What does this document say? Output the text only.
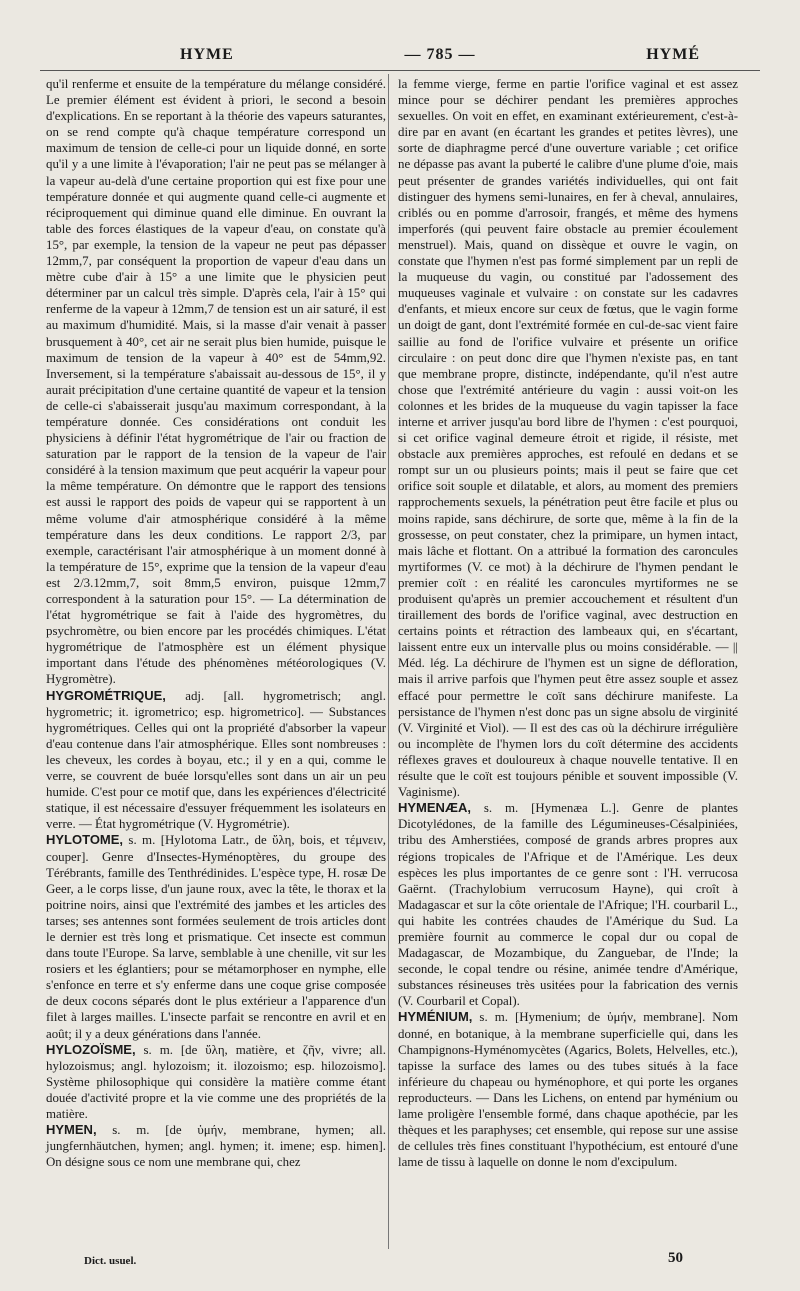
HYME	— 785 —	HYMÉ

qu'il renferme et ensuite de la température du mélange considéré. Le premier élément est évident à priori, le second a besoin d'explications. En se reportant à la théorie des vapeurs saturantes, on se rend compte qu'à chaque température correspond un maximum de tension de celle-ci pour un liquide donné, en sorte qu'il y a une limite à l'évaporation; l'air ne peut pas se mélanger à la vapeur au-delà d'une certaine proportion qui est fixe pour une température donnée et qui augmente quand celle-ci augmente et réciproquement qui diminue quand elle diminue. En ouvrant la table des forces élastiques de la vapeur d'eau, on constate qu'à 15°, par exemple, la tension de la vapeur ne peut pas dépasser 12mm,7, par conséquent la proportion de vapeur d'eau dans un mètre cube d'air à 15° a une limite que le physicien peut déterminer par un calcul très simple. D'après cela, l'air à 15° qui renferme de la vapeur à 12mm,7 de tension est un air saturé, il est au maximum d'humidité. Mais, si la masse d'air venait à passer brusquement à 40°, cet air ne serait plus bien humide, puisque le maximum de tension de la vapeur à 40° est de 54mm,92. Inversement, si la température s'abaissait au-dessous de 15°, il y aurait précipitation d'une certaine quantité de vapeur et la tension de celle-ci s'abaisserait jusqu'au maximum correspondant, à la température donnée. Ces considérations ont conduit les physiciens à définir l'état hygrométrique de l'air ou fraction de saturation par le rapport de la tension de la vapeur de l'air considéré à la tension maximum que peut acquérir la vapeur pour la même température. On démontre que le rapport des tensions est aussi le rapport des poids de vapeur qui se rapportent à un même volume d'air atmosphérique considéré à la même température dans les deux conditions. Le rapport 2/3, par exemple, caractérisant l'air atmosphérique à un moment donné à la température de 15°, exprime que la tension de la vapeur d'eau est 2/3.12mm,7, soit 8mm,5 environ, puisque 12mm,7 correspondent à la saturation pour 15°. — La détermination de l'état hygrométrique se fait à l'aide des hygromètres, du psychromètre, ou bien encore par les procédés chimiques. L'état hygrométrique de l'atmosphère est un élément physique important dans l'étude des phénomènes météorologiques (V. Hygromètre).

HYGROMÉTRIQUE, adj. [all. hygrometrisch; angl. hygrometric; it. igrometrico; esp. higrometrico]. — Substances hygrométriques. Celles qui ont la propriété d'absorber la vapeur d'eau contenue dans l'air atmosphérique. Elles sont nombreuses : les cheveux, les cordes à boyau, etc.; il y en a qui, comme le verre, se couvrent de buée lorsqu'elles sont dans un air un peu humide. C'est pour ce motif que, dans les expériences d'électricité statique, il est nécessaire d'essuyer fréquemment les isolateurs en verre. — État hygrométrique (V. Hygrométrie).

HYLOTOME, s. m. [Hylotoma Latr., de ὕλη, bois, et τέμνειν, couper]. Genre d'Insectes-Hyménoptères, du groupe des Térébrants, famille des Tenthrédinides. L'espèce type, H. rosæ De Geer, a le corps lisse, d'un jaune roux, avec la tête, le thorax et la poitrine noirs, ainsi que l'extrémité des jambes et les articles des tarses; ses antennes sont formées seulement de trois articles dont le dernier est très long et prismatique. Cet insecte est commun dans toute l'Europe. Sa larve, semblable à une chenille, vit sur les rosiers et les églantiers; pour se métamorphoser en nymphe, elle s'enfonce en terre et s'y enferme dans une coque grise composée de deux cocons séparés dont le plus extérieur a l'apparence d'un filet à larges mailles. L'insecte parfait se rencontre en avril et en août; il y a deux générations dans l'année.

HYLOZOÏSME, s. m. [de ὕλη, matière, et ζῆν, vivre; all. hylozoismus; angl. hylozoism; it. ilozoismo; esp. hilozoismo]. Système philosophique qui considère la matière comme étant douée d'activité propre et la vie comme une des propriétés de la matière.

HYMEN, s. m. [de ὑμήν, membrane, hymen; all. jungfernhäutchen, hymen; angl. hymen; it. imene; esp. himen]. On désigne sous ce nom une membrane qui, chez

la femme vierge, ferme en partie l'orifice vaginal et est assez mince pour se déchirer pendant les premières approches sexuelles. On voit en effet, en examinant extérieurement, c'est-à-dire par en avant (en écartant les grandes et petites lèvres), une sorte de diaphragme percé d'une ouverture variable ; cet orifice ne dépasse pas avant la puberté le calibre d'une plume d'oie, mais peut présenter de grandes variétés individuelles, qui ont fait distinguer des hymens semi-lunaires, en fer à cheval, annulaires, criblés ou en pomme d'arrosoir, frangés, et même des hymens imperforés (qui peuvent faire obstacle au premier écoulement menstruel). Mais, quand on dissèque et ouvre le vagin, on constate que l'hymen n'est pas formé simplement par un repli de la muqueuse du vagin, ou constitué par l'adossement des muqueuses vaginale et vulvaire : on constate sur les cadavres d'enfants, et mieux encore sur ceux de fœtus, que le vagin forme un doigt de gant, dont l'extrémité formée en cul-de-sac vient faire saillie au fond de l'orifice vulvaire et présente un orifice circulaire : on peut donc dire que l'hymen n'existe pas, en tant que membrane propre, distincte, indépendante, qu'il n'est autre chose que l'extrémité antérieure du vagin : aussi voit-on les colonnes et les brides de la muqueuse du vagin tapisser la face interne et arriver jusqu'au bord libre de l'hymen : c'est pourquoi, si cet orifice vaginal demeure étroit et rigide, il résiste, met obstacle aux premières approches, est refoulé en dedans et se rompt sur un ou plusieurs points; mais il peut se faire que cet orifice soit souple et dilatable, et alors, au moment des premiers rapprochements sexuels, la pénétration peut être facile et plus ou moins rapide, sans déchirure, de sorte que, même à la fin de la grossesse, on peut constater, chez la primipare, un hymen intact, mais lâche et flottant. On a attribué la formation des caroncules myrtiformes (V. ce mot) à la déchirure de l'hymen pendant le premier coït : en réalité les caroncules myrtiformes ne se produisent qu'après un premier accouchement et résultent d'un tiraillement des bords de l'orifice vaginal, avec destruction en certains points et rétraction des lambeaux qui, en s'écartant, laissent entre eux un intervalle plus ou moins considérable. — || Méd. lég. La déchirure de l'hymen est un signe de défloration, mais il arrive parfois que l'hymen peut être assez souple et assez effacé pour permettre le coït sans déchirure manifeste. La persistance de l'hymen n'est donc pas un signe absolu de virginité (V. Virginité et Viol). — Il est des cas où la déchirure irrégulière ou incomplète de l'hymen lors du coït détermine des accidents réflexes graves et douloureux à chaque nouvelle tentative. Il en résulte que le coït est toujours pénible et souvent impossible (V. Vaginisme).

HYMENÆA, s. m. [Hymenæa L.]. Genre de plantes Dicotylédones, de la famille des Légumineuses-Césalpiniées, tribu des Amherstiées, composé de grands arbres propres aux régions tropicales de l'Afrique et de l'Amérique. Les deux espèces les plus importantes de ce genre sont : l'H. verrucosa Gaërnt. (Trachylobium verrucosum Hayne), qui croît à Madagascar et sur la côte orientale de l'Afrique; l'H. courbaril L., qui habite les contrées chaudes de l'Amérique du Sud. La première fournit au commerce le copal dur ou copal de Madagascar, de Mozambique, du Zanguebar, de l'Inde; la seconde, le copal tendre ou résine, animée tendre d'Amérique, substances résineuses très usitées pour la fabrication des vernis (V. Courbaril et Copal).

HYMÉNIUM, s. m. [Hymenium; de ὑμήν, membrane]. Nom donné, en botanique, à la membrane superficielle qui, dans les Champignons-Hyménomycètes (Agarics, Bolets, Helvelles, etc.), tapisse la surface des lames ou des tubes situés à la face inférieure du chapeau ou hyménophore, et qui porte les organes reproducteurs. — Dans les Lichens, on entend par hyménium ou lame proligère l'ensemble formé, dans chaque apothécie, par les thèques et les paraphyses; cet ensemble, qui repose sur une assise de cellules très fines constituant l'hypothécium, est entouré d'une lame de tissu à laquelle on donne le nom d'excipulum.

Dict. usuel.	50
